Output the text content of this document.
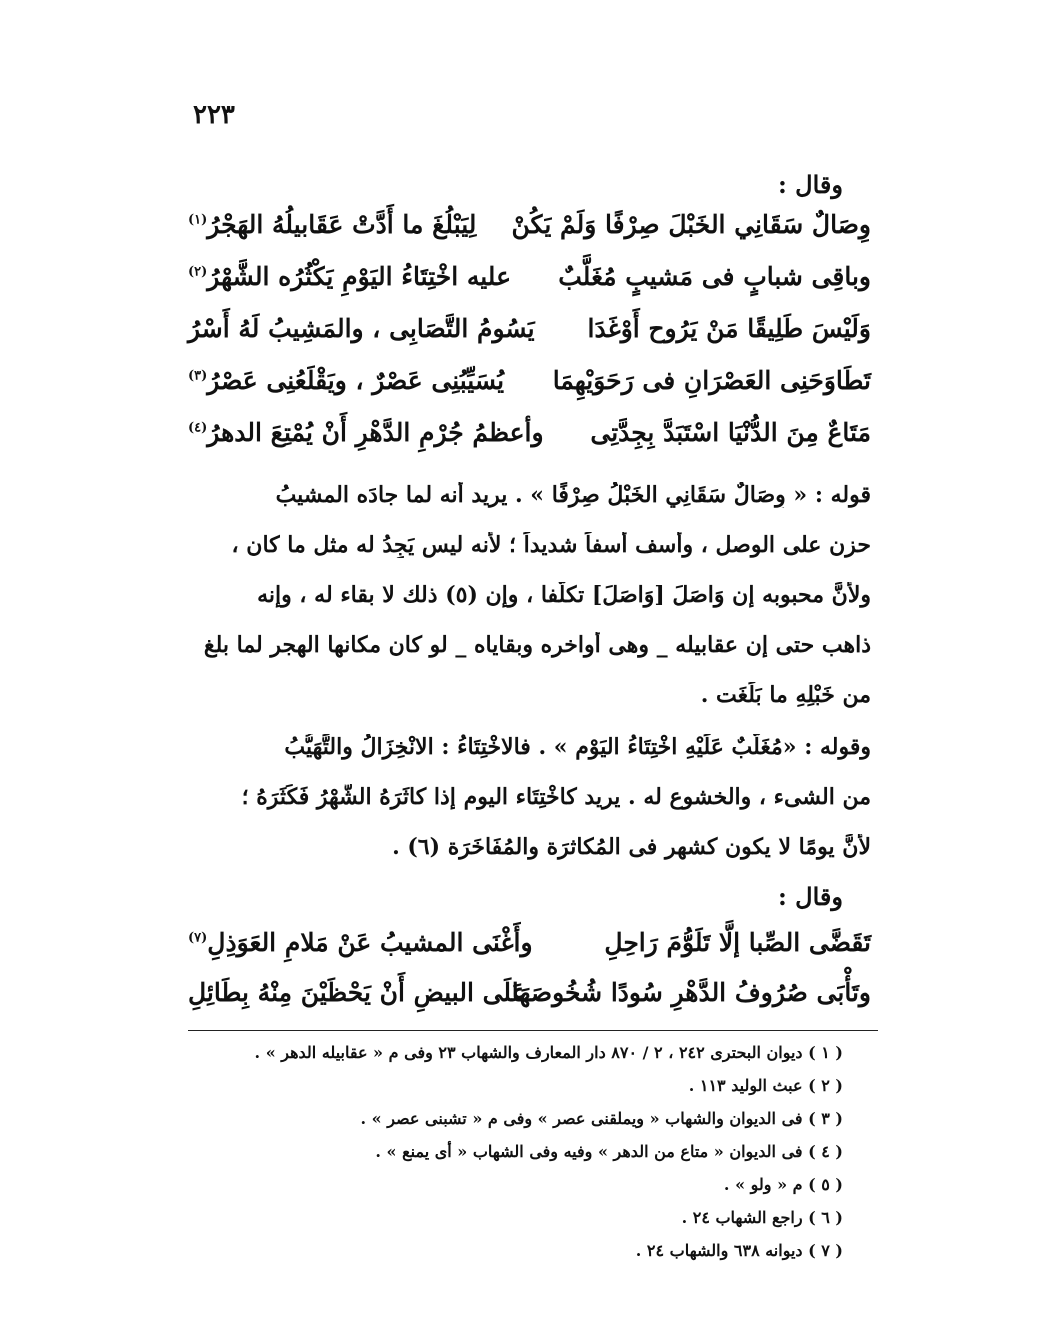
٢٢٣
وقال :
وِصَالٌ سَقَانِي الخَبْلَ صِرْفًا وَلَمْ يَكُنْ
لِيَبْلُغَ ما أَدَّتْ عَقَابيلُهُ الهَجْرُ$^{(١)}$
وباقِى شبابٍ فى مَشيبٍ مُغَلَّبٌ
عليه اخْتِتَاءُ اليَوْمِ يَكْثُرُه الشَّهْرُ$^{(٢)}$
وَلَيْسَ طَلِيقًا مَنْ يَرُوح أَوْغَدَا
يَسُومُ التَّصَابِى ، والمَشِيبُ لَهُ أَسْرُ
تَطَاوَحَنِى العَصْرَانِ فى رَحَوَيْهِمَا
يُسَيِّبُنِى عَصْرٌ ، ويَقْلَعُنِى عَصْرُ$^{(٣)}$
مَتَاعٌ مِنَ الدُّنْيَا اسْتَبَدَّ بِجِدَّتِى
وأعظمُ جُرْمِ الدَّهْرِ أَنْ يُمْتِعَ الدهرُ$^{(٤)}$
قوله : « وِصَالٌ سَقَانِي الخَبْلُ صِرْفًا » . يريد أنه لما جادَه المشيبُ
حزن على الوصل ، وأسف أسفاً شديداً ؛ لأنه ليس يَجِدُ له مثل ما كان ،
ولأنَّ محبوبه إن وَاصَلَ [وَاصَلَ] تكلُّفا ، وإن (٥) ذلك لا بقاء له ، وإنه
ذاهب حتى إن عقابيله _ وهى أواخره وبقاياه _ لو كان مكانها الهجر لما بلغ
من خَبْلِهِ ما بَلَغَت .
وقوله : «مُغَلَّبٌ عَلَيْهِ اخْتِتَاءُ اليَوْمِ » . فالاخْتِتَاءُ : الانْخِزَالُ والتَّهَيُّبُ
من الشىء ، والخشوع له . يريد كاخْتِتَاء اليوم إذا كاثَرَهُ الشَّهْرُ فَكَثَرَهُ ؛
لأنَّ يومًا لا يكون كشهر فى المُكاثرَة والمُفَاخَرَة (٦) .
وقال :
تَقَضَّى الصِّبا إلَّا تَلَوُّمَ رَاحِلِ
وأَغْنَى المشيبُ عَنْ مَلامِ العَوَذِلِ$^{(٧)}$
وتَأْبَى صُرُوفُ الدَّهْرِ سُودًا شُخُوصَهَا
عَلَى البيضِ أَنْ يَحْظَيْنَ مِنْهُ بِطَائِلِ
( ١ ) ديوان البحترى ٢٤٢ ، ٢ / ٨٧٠ دار المعارف والشهاب ٢٣ وفى م « عقابيله الدهر » .
( ٢ ) عبث الوليد ١١٣ .
( ٣ ) فى الديوان والشهاب « ويملقنى عصر » وفى م « تشبنى عصر » .
( ٤ ) فى الديوان « متاع من الدهر » وفيه وفى الشهاب « أى يمنع » .
( ٥ ) م « ولو » .
( ٦ ) راجع الشهاب ٢٤ .
( ٧ ) ديوانه ٦٣٨ والشهاب ٢٤ .
